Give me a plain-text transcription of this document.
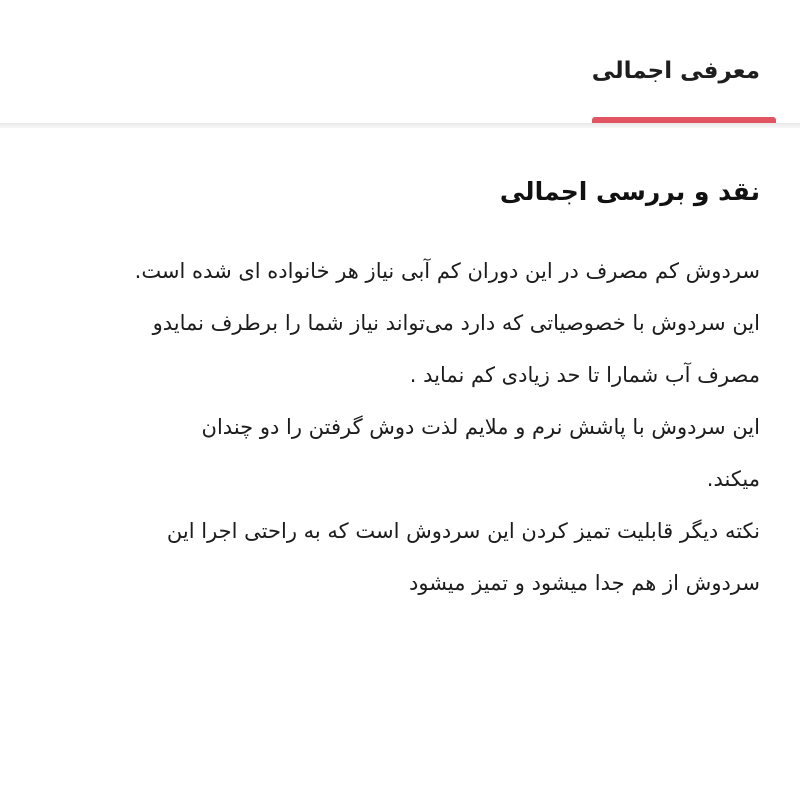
معرفی اجمالی
نقد و بررسی اجمالی

سردوش کم مصرف در این دوران کم آبی نیاز هر خانواده ای شده است.
این سردوش با خصوصیاتی که دارد می‌تواند نیاز شما را برطرف نمایدو
مصرف آب شمارا تا حد زیادی کم نماید .
این سردوش با پاشش نرم و ملایم لذت دوش گرفتن را دو چندان
میکند.
نکته دیگر قابلیت تمیز کردن این سردوش است که به راحتی اجرا این
سردوش از هم جدا میشود و تمیز میشود
